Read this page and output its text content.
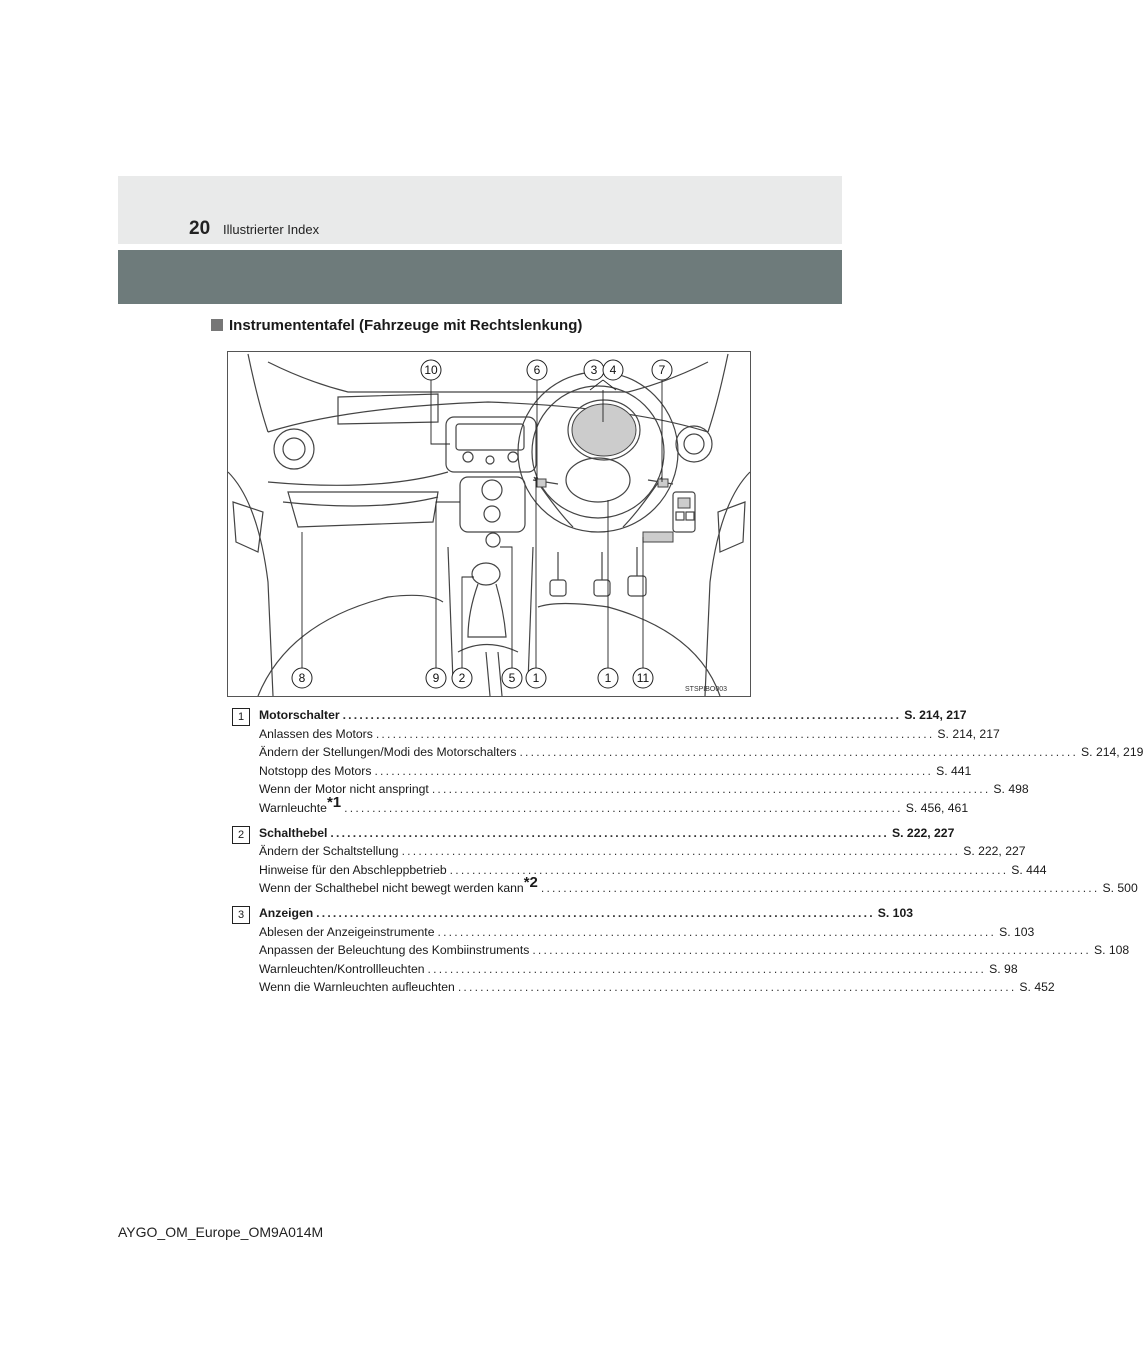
20 Illustrierter Index
Instrumententafel (Fahrzeuge mit Rechtslenkung)
10	6	3 4	7
8	9 2	5 1	1 11
STSPIBO003
1	Motorschalter .................................................................................................... S. 214, 217
Anlassen des Motors .................................................................................................... S. 214, 217
Ändern der Stellungen/Modi des Motorschalters .................................................................................................... S. 214, 219
Notstopp des Motors .................................................................................................... S. 441
Wenn der Motor nicht anspringt .................................................................................................... S. 498
Warnleuchte$^{*1}$ .................................................................................................... S. 456, 461
2	Schalthebel .................................................................................................... S. 222, 227
Ändern der Schaltstellung .................................................................................................... S. 222, 227
Hinweise für den Abschleppbetrieb .................................................................................................... S. 444
Wenn der Schalthebel nicht bewegt werden kann$^{*2}$ .................................................................................................... S. 500
3	Anzeigen .................................................................................................... S. 103
Ablesen der Anzeigeinstrumente .................................................................................................... S. 103
Anpassen der Beleuchtung des Kombiinstruments .................................................................................................... S. 108
Warnleuchten/Kontrollleuchten .................................................................................................... S. 98
Wenn die Warnleuchten aufleuchten .................................................................................................... S. 452
AYGO_OM_Europe_OM9A014M
